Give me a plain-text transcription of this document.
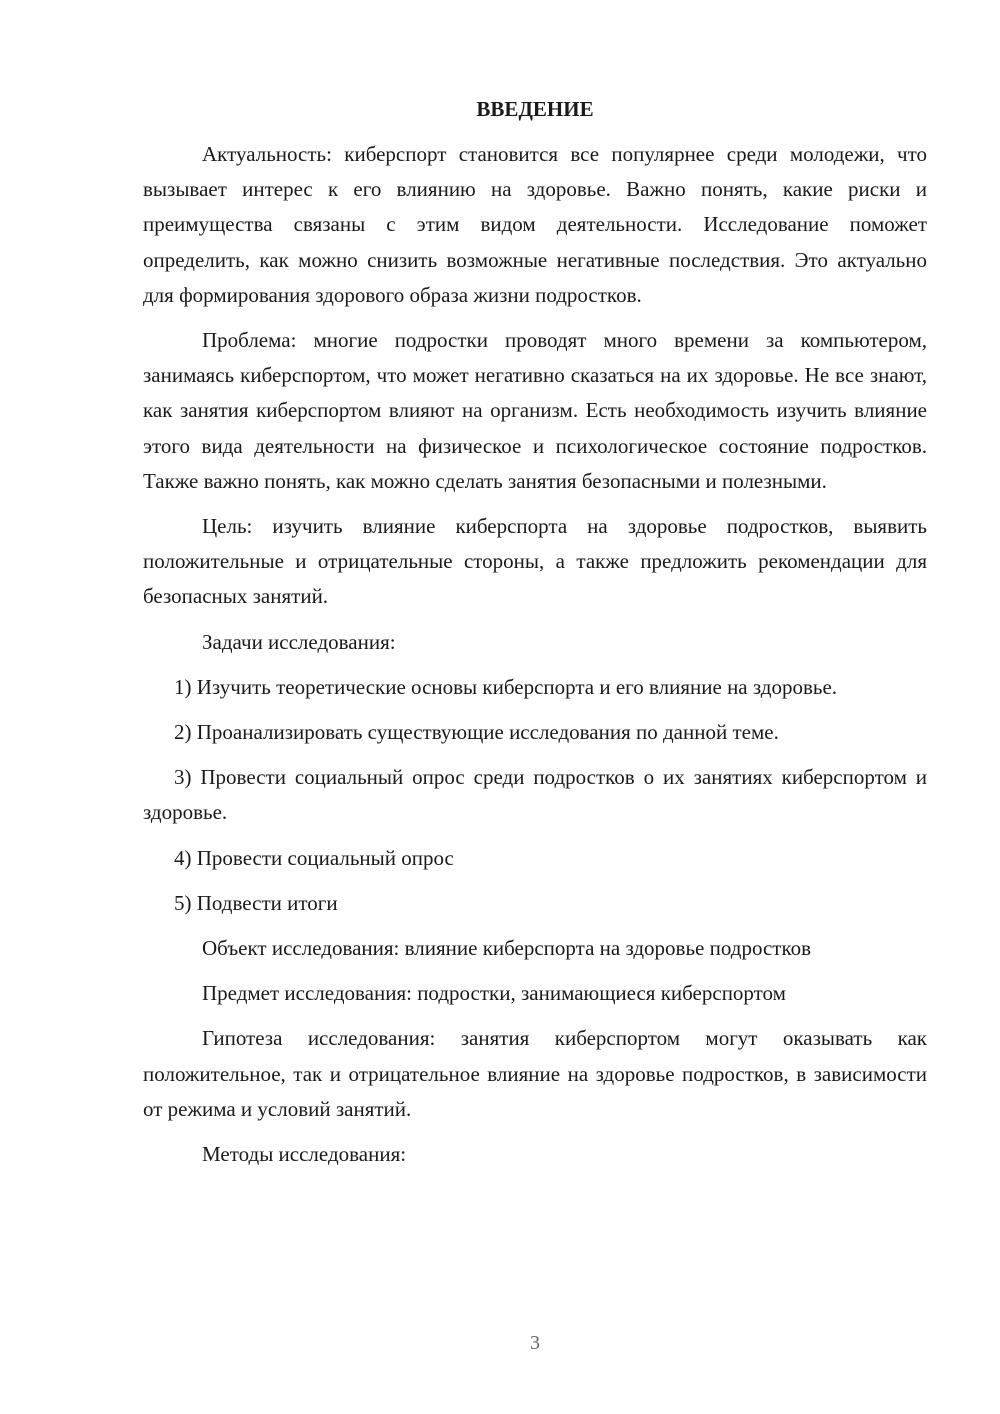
ВВЕДЕНИЕ

Актуальность: киберспорт становится все популярнее среди молодежи, что вызывает интерес к его влиянию на здоровье. Важно понять, какие риски и преимущества связаны с этим видом деятельности. Исследование поможет определить, как можно снизить возможные негативные последствия. Это актуально для формирования здорового образа жизни подростков.

Проблема: многие подростки проводят много времени за компьютером, занимаясь киберспортом, что может негативно сказаться на их здоровье. Не все знают, как занятия киберспортом влияют на организм. Есть необходимость изучить влияние этого вида деятельности на физическое и психологическое состояние подростков. Также важно понять, как можно сделать занятия безопасными и полезными.

Цель: изучить влияние киберспорта на здоровье подростков, выявить положительные и отрицательные стороны, а также предложить рекомендации для безопасных занятий.

Задачи исследования:

1) Изучить теоретические основы киберспорта и его влияние на здоровье.

2) Проанализировать существующие исследования по данной теме.

3) Провести социальный опрос среди подростков о их занятиях киберспортом и здоровье.

4) Провести социальный опрос

5) Подвести итоги

Объект исследования: влияние киберспорта на здоровье подростков

Предмет исследования: подростки, занимающиеся киберспортом

Гипотеза исследования: занятия киберспортом могут оказывать как положительное, так и отрицательное влияние на здоровье подростков, в зависимости от режима и условий занятий.

Методы исследования:

3
